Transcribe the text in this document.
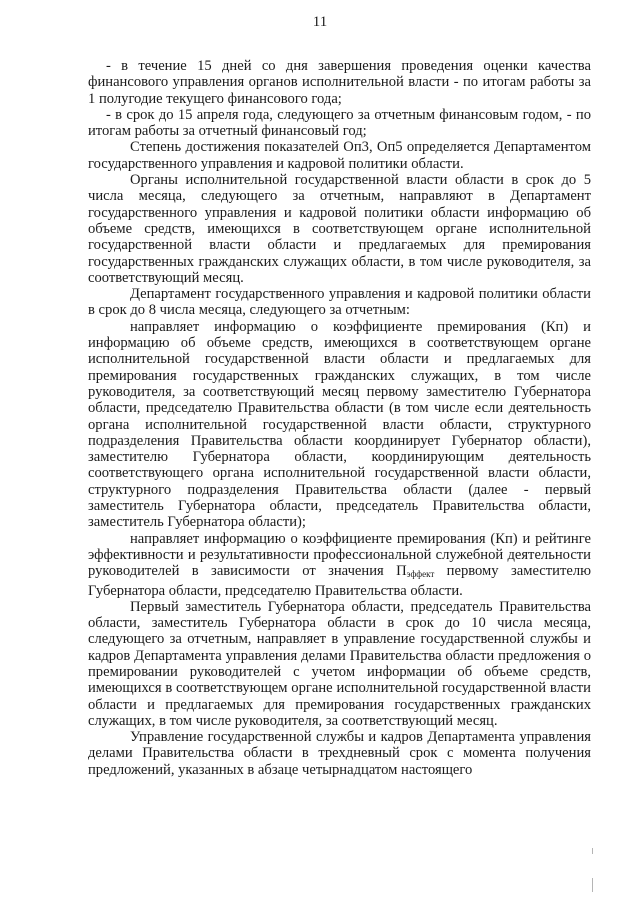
11

- в течение 15 дней со дня завершения проведения оценки качества финансового управления органов исполнительной власти - по итогам работы за 1 полугодие текущего финансового года;

- в срок до 15 апреля года, следующего за отчетным финансовым годом, - по итогам работы за отчетный финансовый год;

Степень достижения показателей Оп3, Оп5 определяется Департаментом государственного управления и кадровой политики области.

Органы исполнительной государственной власти области в срок до 5 числа месяца, следующего за отчетным, направляют в Департамент государственного управления и кадровой политики области информацию об объеме средств, имеющихся в соответствующем органе исполнительной государственной власти области и предлагаемых для премирования государственных гражданских служащих области, в том числе руководителя, за соответствующий месяц.

Департамент государственного управления и кадровой политики области в срок до 8 числа месяца, следующего за отчетным:

направляет информацию о коэффициенте премирования (Кп) и информацию об объеме средств, имеющихся в соответствующем органе исполнительной государственной власти области и предлагаемых для премирования государственных гражданских служащих, в том числе руководителя, за соответствующий месяц первому заместителю Губернатора области, председателю Правительства области (в том числе если деятельность органа исполнительной государственной власти области, структурного подразделения Правительства области координирует Губернатор области), заместителю Губернатора области, координирующим деятельность соответствующего органа исполнительной государственной власти области, структурного подразделения Правительства области (далее - первый заместитель Губернатора области, председатель Правительства области, заместитель Губернатора области);

направляет информацию о коэффициенте премирования (Кп) и рейтинге эффективности и результативности профессиональной служебной деятельности руководителей в зависимости от значения $П_{эффект}$ первому заместителю Губернатора области, председателю Правительства области.

Первый заместитель Губернатора области, председатель Правительства области, заместитель Губернатора области в срок до 10 числа месяца, следующего за отчетным, направляет в управление государственной службы и кадров Департамента управления делами Правительства области предложения о премировании руководителей с учетом информации об объеме средств, имеющихся в соответствующем органе исполнительной государственной власти области и предлагаемых для премирования государственных гражданских служащих, в том числе руководителя, за соответствующий месяц.

Управление государственной службы и кадров Департамента управления делами Правительства области в трехдневный срок с момента получения предложений, указанных в абзаце четырнадцатом настоящего
